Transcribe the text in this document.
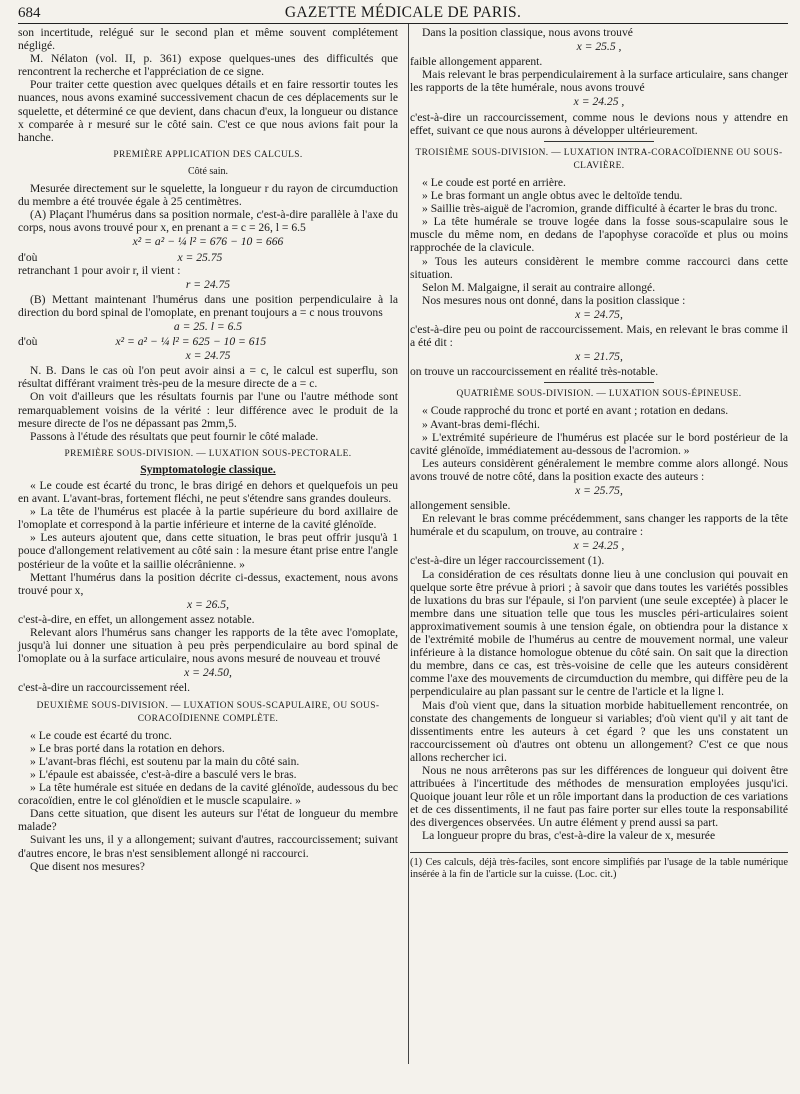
684	GAZETTE MÉDICALE DE PARIS.

son incertitude, relégué sur le second plan et même souvent complétement négligé.

M. Nélaton (vol. II, p. 361) expose quelques-unes des difficultés que rencontrent la recherche et l'appréciation de ce signe.

Pour traiter cette question avec quelques détails et en faire ressortir toutes les nuances, nous avons examiné successivement chacun de ces déplacements sur le squelette, et déterminé ce que devient, dans chacun d'eux, la longueur ou distance x comparée à r mesuré sur le côté sain. C'est ce que nous avions fait pour la hanche.

PREMIÈRE APPLICATION DES CALCULS.
Côté sain.

Mesurée directement sur le squelette, la longueur r du rayon de circumduction du membre a été trouvée égale à 25 centimètres.

(A) Plaçant l'humérus dans sa position normale, c'est-à-dire parallèle à l'axe du corps, nous avons trouvé pour x, en prenant a = c = 26, l = 6.5

x² = a² − ¼ l² = 676 − 10 = 666

d'où	x = 25.75

retranchant 1 pour avoir r, il vient :

r = 24.75

(B) Mettant maintenant l'humérus dans une position perpendiculaire à la direction du bord spinal de l'omoplate, en prenant toujours a = c nous trouvons

a = 25. l = 6.5

d'où	x² = a² − ¼ l² = 625 − 10 = 615

x = 24.75

N. B. Dans le cas où l'on peut avoir ainsi a = c, le calcul est superflu, son résultat différant vraiment très-peu de la mesure directe de a = c.

On voit d'ailleurs que les résultats fournis par l'une ou l'autre méthode sont remarquablement voisins de la vérité : leur différence avec le produit de la mesure directe de l'os ne dépassant pas 2mm,5.

Passons à l'étude des résultats que peut fournir le côté malade.

PREMIÈRE SOUS-DIVISION. — LUXATION SOUS-PECTORALE.
Symptomatologie classique.

« Le coude est écarté du tronc, le bras dirigé en dehors et quelquefois un peu en avant. L'avant-bras, fortement fléchi, ne peut s'étendre sans grandes douleurs.

» La tête de l'humérus est placée à la partie supérieure du bord axillaire de l'omoplate et correspond à la partie inférieure et interne de la cavité glénoïde.

» Les auteurs ajoutent que, dans cette situation, le bras peut offrir jusqu'à 1 pouce d'allongement relativement au côté sain : la mesure étant prise entre l'angle postérieur de la voûte et la saillie olécrânienne. »

Mettant l'humérus dans la position décrite ci-dessus, exactement, nous avons trouvé pour x,

x = 26.5,

c'est-à-dire, en effet, un allongement assez notable.

Relevant alors l'humérus sans changer les rapports de la tête avec l'omoplate, jusqu'à lui donner une situation à peu près perpendiculaire au bord spinal de l'omoplate ou à la surface articulaire, nous avons mesuré de nouveau et trouvé

x = 24.50,

c'est-à-dire un raccourcissement réel.

DEUXIÈME SOUS-DIVISION. — LUXATION SOUS-SCAPULAIRE, OU SOUS-CORACOÏDIENNE COMPLÈTE.

« Le coude est écarté du tronc.

» Le bras porté dans la rotation en dehors.

» L'avant-bras fléchi, est soutenu par la main du côté sain.

» L'épaule est abaissée, c'est-à-dire a basculé vers le bras.

» La tête humérale est située en dedans de la cavité glénoïde, audessous du bec coracoïdien, entre le col glénoïdien et le muscle scapulaire. »

Dans cette situation, que disent les auteurs sur l'état de longueur du membre malade?

Suivant les uns, il y a allongement; suivant d'autres, raccourcissement; suivant d'autres encore, le bras n'est sensiblement allongé ni raccourci.

Que disent nos mesures?

Dans la position classique, nous avons trouvé

x = 25.5 ,

faible allongement apparent.

Mais relevant le bras perpendiculairement à la surface articulaire, sans changer les rapports de la tête humérale, nous avons trouvé

x = 24.25 ,

c'est-à-dire un raccourcissement, comme nous le devions nous y attendre en effet, suivant ce que nous aurons à développer ultérieurement.

TROISIÈME SOUS-DIVISION. — LUXATION INTRA-CORACOÏDIENNE OU SOUS-CLAVIÈRE.

« Le coude est porté en arrière.

» Le bras formant un angle obtus avec le deltoïde tendu.

» Saillie très-aiguë de l'acromion, grande difficulté à écarter le bras du tronc.

» La tête humérale se trouve logée dans la fosse sous-scapulaire sous le muscle du même nom, en dedans de l'apophyse coracoïde et plus ou moins rapprochée de la clavicule.

» Tous les auteurs considèrent le membre comme raccourci dans cette situation.

Selon M. Malgaigne, il serait au contraire allongé.

Nos mesures nous ont donné, dans la position classique :

x = 24.75,

c'est-à-dire peu ou point de raccourcissement. Mais, en relevant le bras comme il a été dit :

x = 21.75,

on trouve un raccourcissement en réalité très-notable.

QUATRIÈME SOUS-DIVISION. — LUXATION SOUS-ÉPINEUSE.

« Coude rapproché du tronc et porté en avant ; rotation en dedans.

» Avant-bras demi-fléchi.

» L'extrémité supérieure de l'humérus est placée sur le bord postérieur de la cavité glénoïde, immédiatement au-dessous de l'acromion. »

Les auteurs considèrent généralement le membre comme alors allongé. Nous avons trouvé de notre côté, dans la position exacte des auteurs :

x = 25.75,

allongement sensible.

En relevant le bras comme précédemment, sans changer les rapports de la tête humérale et du scapulum, on trouve, au contraire :

x = 24.25 ,

c'est-à-dire un léger raccourcissement (1).

La considération de ces résultats donne lieu à une conclusion qui pouvait en quelque sorte être prévue à priori ; à savoir que dans toutes les variétés possibles de luxations du bras sur l'épaule, si l'on parvient (une seule exceptée) à placer le membre dans une situation telle que tous les muscles péri-articulaires soient approximativement soumis à une tension égale, on obtiendra pour la distance x de l'extrémité mobile de l'humérus au centre de mouvement normal, une valeur inférieure à la distance homologue obtenue du côté sain. On sait que la direction du membre, dans ce cas, est très-voisine de celle que les auteurs considèrent comme l'axe des mouvements de circumduction du membre, qui diffère peu de la perpendiculaire au plan passant sur le centre de l'article et la ligne l.

Mais d'où vient que, dans la situation morbide habituellement rencontrée, on constate des changements de longueur si variables; d'où vient qu'il y ait tant de dissentiments entre les auteurs à cet égard ? que les uns constatent un raccourcissement où d'autres ont obtenu un allongement? C'est ce que nous allons rechercher ici.

Nous ne nous arrêterons pas sur les différences de longueur qui doivent être attribuées à l'incertitude des méthodes de mensuration employées jusqu'ici. Quoique jouant leur rôle et un rôle important dans la production de ces variations et de ces dissentiments, il ne faut pas faire porter sur elles toute la responsabilité des divergences observées. Un autre élément y prend aussi sa part.

La longueur propre du bras, c'est-à-dire la valeur de x, mesurée

(1) Ces calculs, déjà très-faciles, sont encore simplifiés par l'usage de la table numérique insérée à la fin de l'article sur la cuisse. (Loc. cit.)
